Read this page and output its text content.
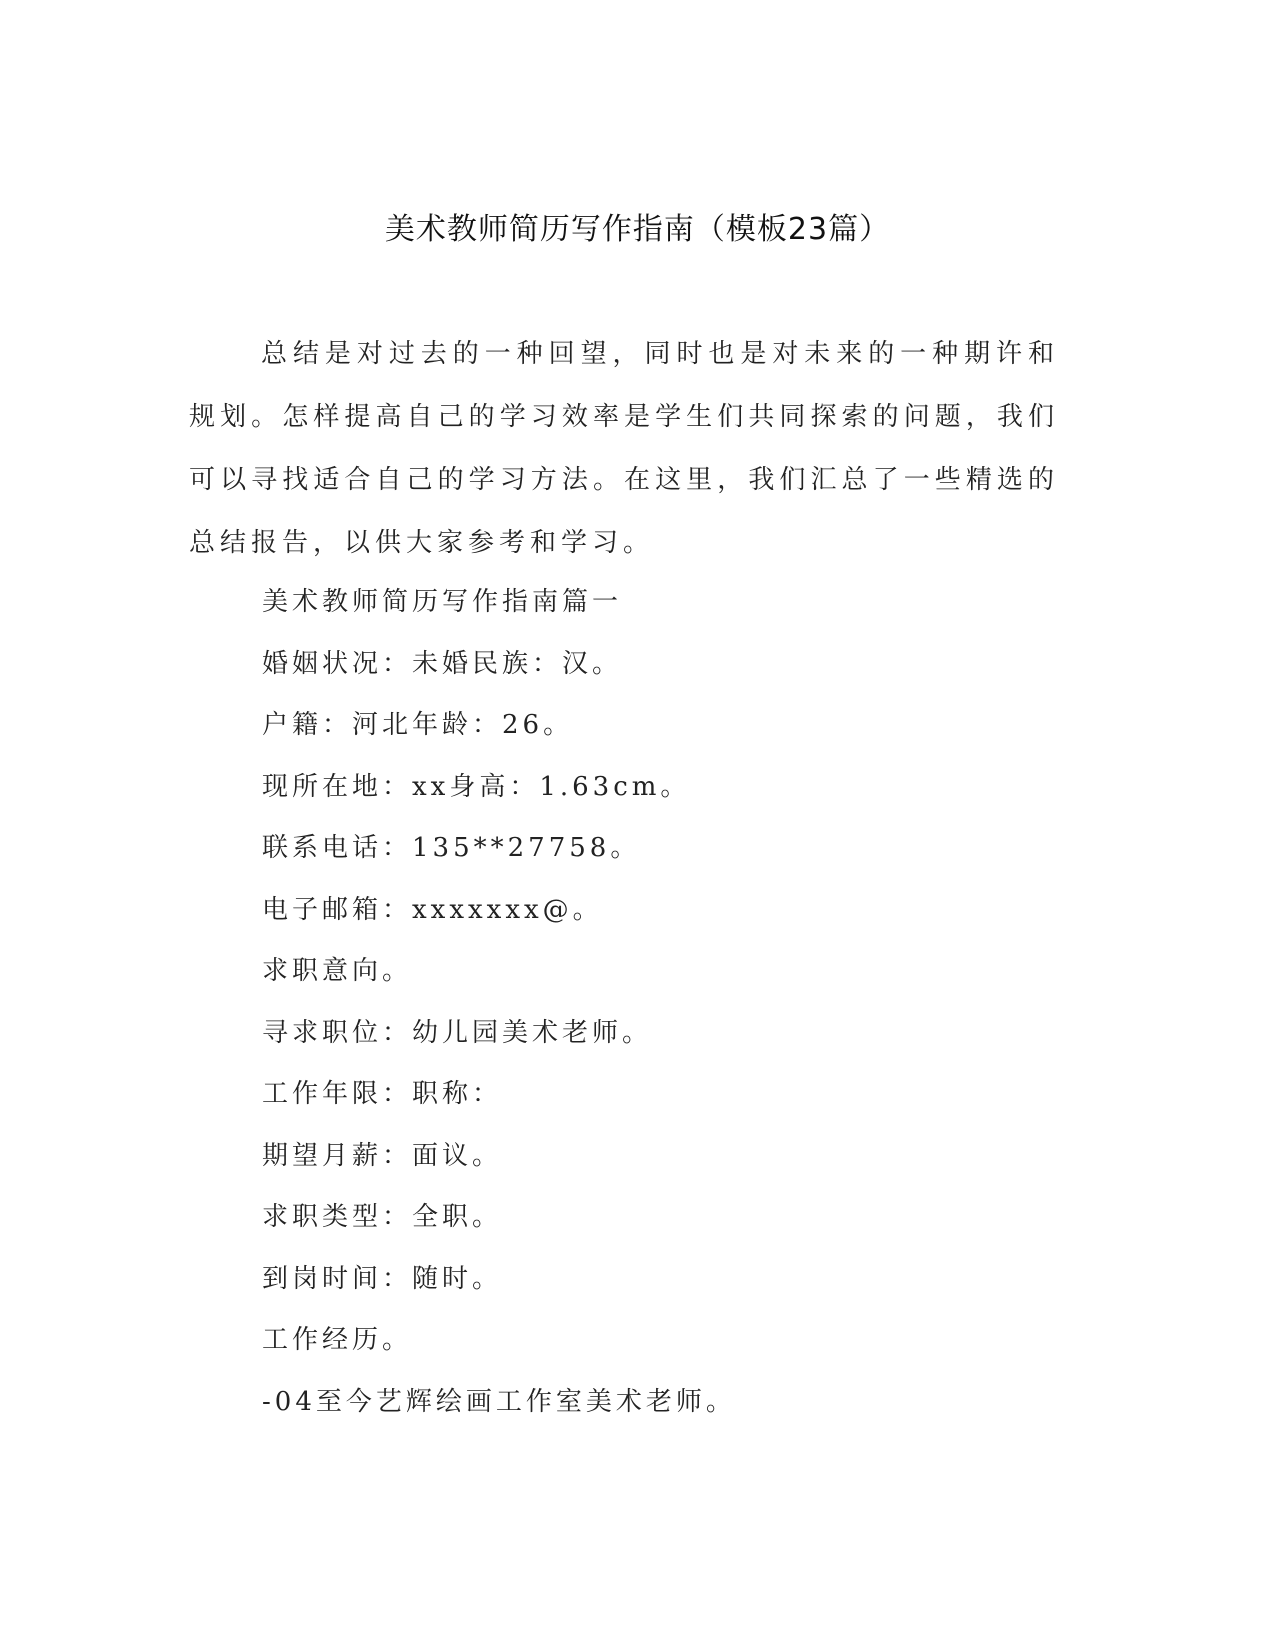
美术教师简历写作指南（模板23篇）

总结是对过去的一种回望，同时也是对未来的一种期许和规划。怎样提高自己的学习效率是学生们共同探索的问题，我们可以寻找适合自己的学习方法。在这里，我们汇总了一些精选的总结报告，以供大家参考和学习。

美术教师简历写作指南篇一
婚姻状况：未婚民族：汉。
户籍：河北年龄：26。
现所在地：xx身高：1.63cm。
联系电话：135**27758。
电子邮箱：xxxxxxx@。
求职意向。
寻求职位：幼儿园美术老师。
工作年限：职称：
期望月薪：面议。
求职类型：全职。
到岗时间：随时。
工作经历。
-04至今艺辉绘画工作室美术老师。
